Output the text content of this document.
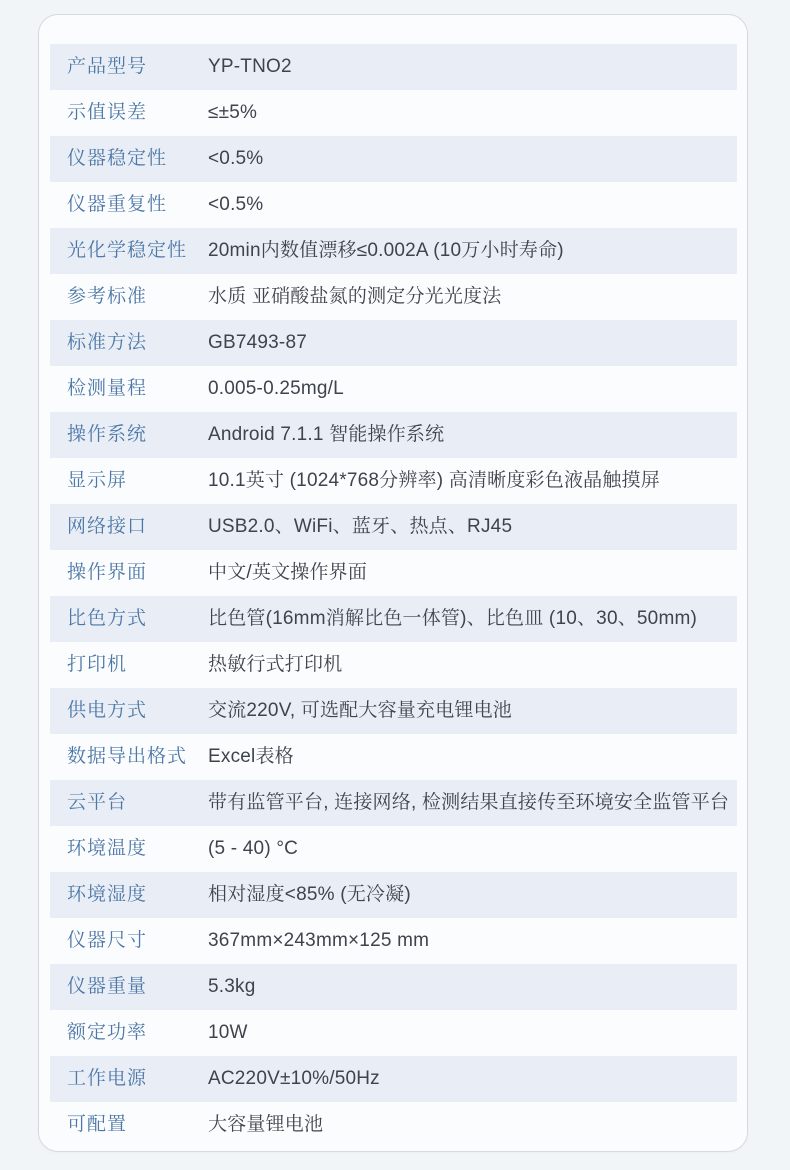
产品型号	YP-TNO2
示值误差	≤±5%
仪器稳定性	<0.5%
仪器重复性	<0.5%
光化学稳定性	20min内数值漂移≤0.002A (10万小时寿命)
参考标准	水质 亚硝酸盐氮的测定分光光度法
标准方法	GB7493-87
检测量程	0.005-0.25mg/L
操作系统	Android 7.1.1 智能操作系统
显示屏	10.1英寸 (1024*768分辨率) 高清晰度彩色液晶触摸屏
网络接口	USB2.0、WiFi、蓝牙、热点、RJ45
操作界面	中文/英文操作界面
比色方式	比色管(16mm消解比色一体管)、比色皿 (10、30、50mm)
打印机	热敏行式打印机
供电方式	交流220V, 可选配大容量充电锂电池
数据导出格式	Excel表格
云平台	带有监管平台, 连接网络, 检测结果直接传至环境安全监管平台
环境温度	(5 - 40) °C
环境湿度	相对湿度<85% (无冷凝)
仪器尺寸	367mm×243mm×125 mm
仪器重量	5.3kg
额定功率	10W
工作电源	AC220V±10%/50Hz
可配置	大容量锂电池
